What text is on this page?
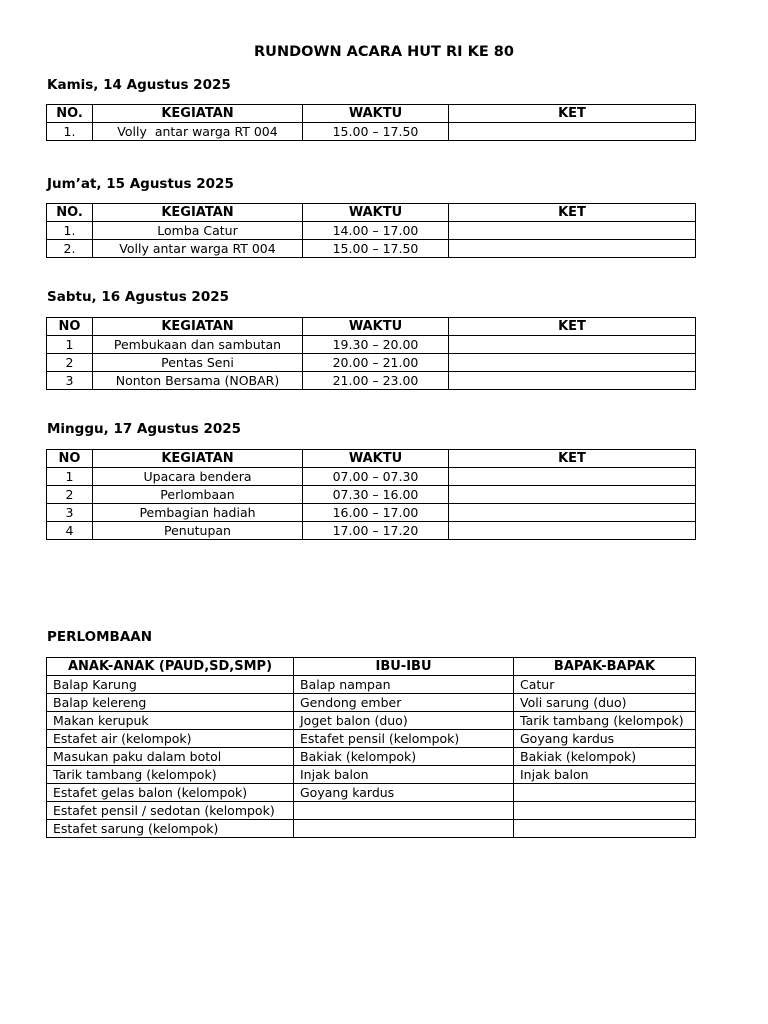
RUNDOWN ACARA HUT RI KE 80
Kamis, 14 Agustus 2025
NO.	KEGIATAN	WAKTU	KET
1.	Volly  antar warga RT 004	15.00 – 17.50	
Jum’at, 15 Agustus 2025
NO.	KEGIATAN	WAKTU	KET
1.	Lomba Catur	14.00 – 17.00	
2.	Volly antar warga RT 004	15.00 – 17.50	
Sabtu, 16 Agustus 2025
NO	KEGIATAN	WAKTU	KET
1	Pembukaan dan sambutan	19.30 – 20.00	
2	Pentas Seni	20.00 – 21.00	
3	Nonton Bersama (NOBAR)	21.00 – 23.00	
Minggu, 17 Agustus 2025
NO	KEGIATAN	WAKTU	KET
1	Upacara bendera	07.00 – 07.30	
2	Perlombaan	07.30 – 16.00	
3	Pembagian hadiah	16.00 – 17.00	
4	Penutupan	17.00 – 17.20	
PERLOMBAAN
ANAK-ANAK (PAUD,SD,SMP)	IBU-IBU	BAPAK-BAPAK
Balap Karung	Balap nampan	Catur
Balap kelereng	Gendong ember	Voli sarung (duo)
Makan kerupuk	Joget balon (duo)	Tarik tambang (kelompok)
Estafet air (kelompok)	Estafet pensil (kelompok)	Goyang kardus
Masukan paku dalam botol	Bakiak (kelompok)	Bakiak (kelompok)
Tarik tambang (kelompok)	Injak balon	Injak balon
Estafet gelas balon (kelompok)	Goyang kardus	
Estafet pensil / sedotan (kelompok)		
Estafet sarung (kelompok)		
